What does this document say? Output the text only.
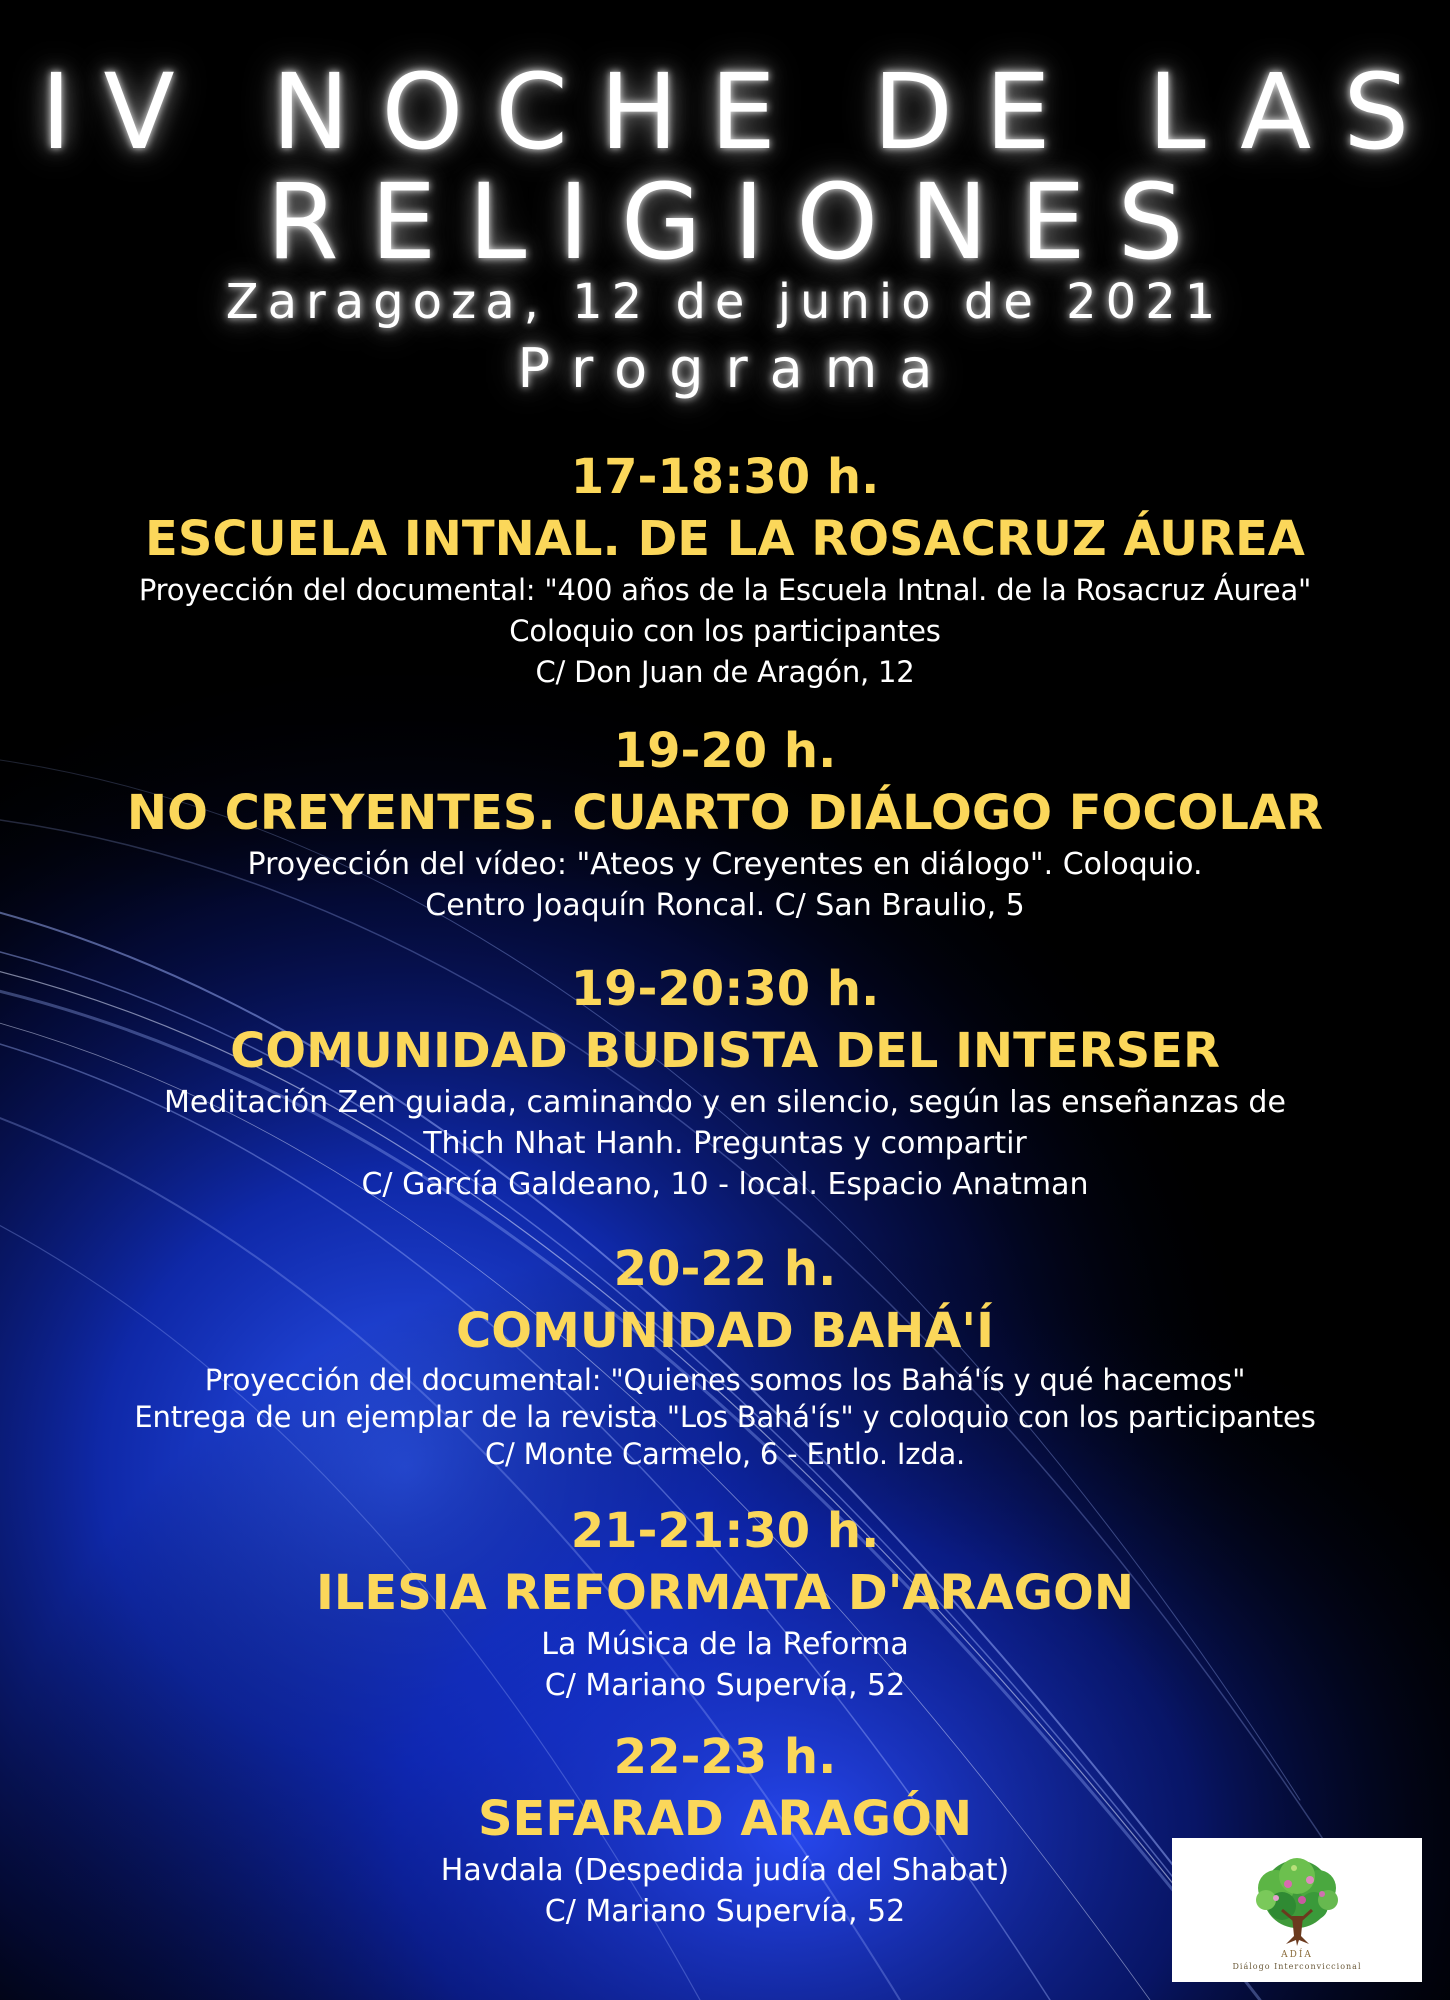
IV NOCHE DE LAS
RELIGIONES
Zaragoza, 12 de junio de 2021
Programa
17-18:30 h.
ESCUELA INTNAL. DE LA ROSACRUZ ÁUREA
Proyección del documental: "400 años de la Escuela Intnal. de la Rosacruz Áurea"
Coloquio con los participantes
C/ Don Juan de Aragón, 12
19-20 h.
NO CREYENTES. CUARTO DIÁLOGO FOCOLAR
Proyección del vídeo: "Ateos y Creyentes en diálogo". Coloquio.
Centro Joaquín Roncal. C/ San Braulio, 5
19-20:30 h.
COMUNIDAD BUDISTA DEL INTERSER
Meditación Zen guiada, caminando y en silencio, según las enseñanzas de
Thich Nhat Hanh. Preguntas y compartir
C/ García Galdeano, 10 - local. Espacio Anatman
20-22 h.
COMUNIDAD BAHÁ'Í
Proyección del documental: "Quienes somos los Bahá'ís y qué hacemos"
Entrega de un ejemplar de la revista "Los Bahá'ís" y coloquio con los participantes
C/ Monte Carmelo, 6 - Entlo. Izda.
21-21:30 h.
ILESIA REFORMATA D'ARAGON
La Música de la Reforma
C/ Mariano Supervía, 52
22-23 h.
SEFARAD ARAGÓN
Havdala (Despedida judía del Shabat)
C/ Mariano Supervía, 52
ADÍA
Diálogo Interconviccional
